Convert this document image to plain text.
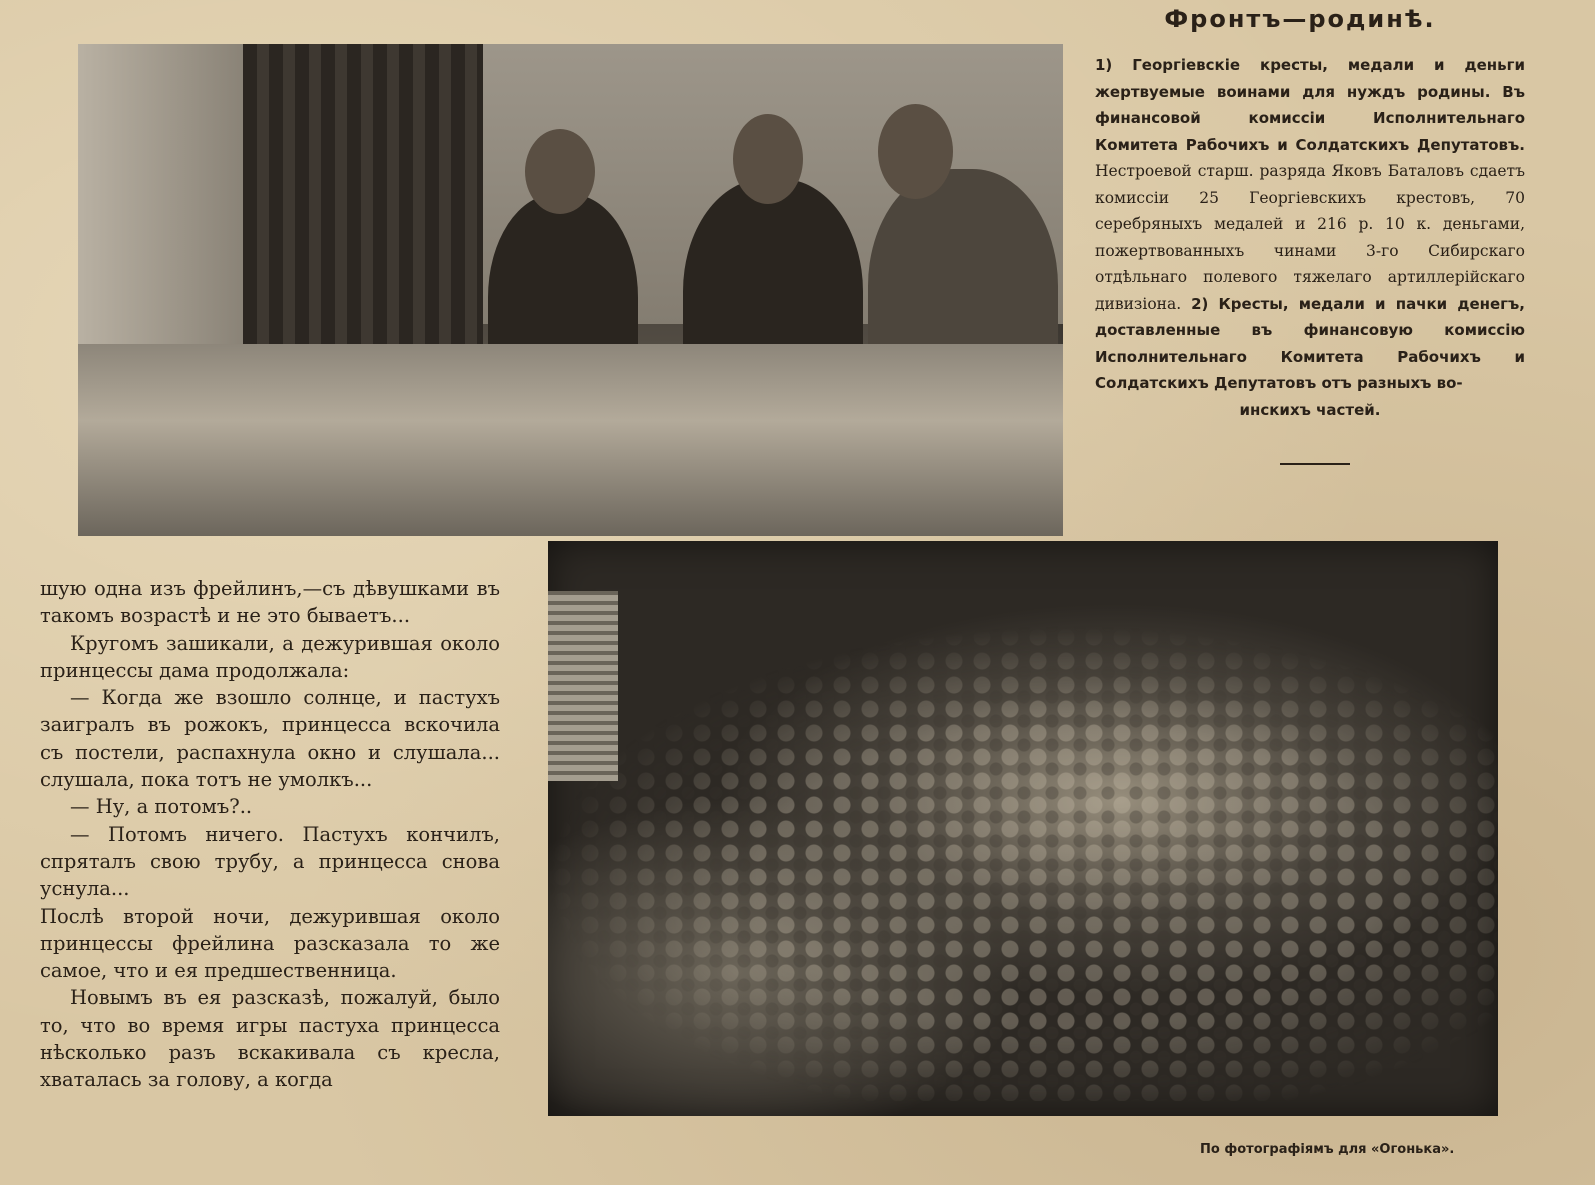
Фронтъ—родинѣ.

1) Георгіевскіе кресты, медали и деньги жертвуемые воинами для нуждъ родины. Въ финансовой комиссіи Исполнительнаго Комитета Рабочихъ и Солдатскихъ Депутатовъ. Нестроевой старш. разряда Яковъ Баталовъ сдаетъ комиссіи 25 Георгіевскихъ крестовъ, 70 серебряныхъ медалей и 216 р. 10 к. деньгами, пожертвованныхъ чинами 3-го Сибирскаго отдѣльнаго полевого тяжелаго артиллерійскаго дивизіона. 2) Кресты, медали и пачки денегъ, доставленные въ финансовую комиссію Исполнительнаго Комитета Рабочихъ и Солдатскихъ Депутатовъ отъ разныхъ во-
инскихъ частей.

шую одна изъ фрейлинъ,—съ дѣвушками въ такомъ возрастѣ и не это бываетъ...

Кругомъ зашикали, а дежурившая около принцессы дама продолжала:

— Когда же взошло солнце, и пастухъ заигралъ въ рожокъ, принцесса вскочила съ постели, распахнула окно и слушала... слушала, пока тотъ не умолкъ...

— Ну, а потомъ?..

— Потомъ ничего. Пастухъ кончилъ, спряталъ свою трубу, а принцесса снова уснула...

Послѣ второй ночи, дежурившая около принцессы фрейлина разсказала то же самое, что и ея предшественница.

Новымъ въ ея разсказѣ, пожалуй, было то, что во время игры пастуха принцесса нѣсколько разъ вскакивала съ кресла, хваталась за голову, а когда

По фотографіямъ для «Огонька».
